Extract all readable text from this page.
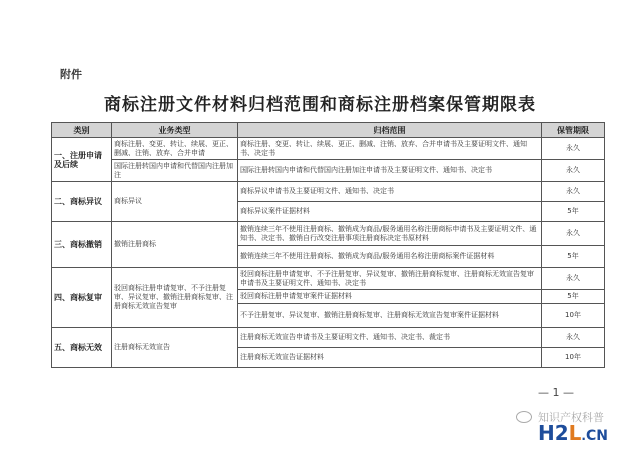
附件
商标注册文件材料归档范围和商标注册档案保管期限表
类别	业务类型	归档范围	保管期限
一、注册申请及后续	商标注册、变更、转让、续展、更正、删减、注销、放弃、合并申请	商标注册、变更、转让、续展、更正、删减、注销、放弃、合并申请书及主要证明文件、通知书、决定书	永久
	国际注册转国内申请和代替国内注册加注	国际注册转国内申请和代替国内注册加注申请书及主要证明文件、通知书、决定书	永久
二、商标异议	商标异议	商标异议申请书及主要证明文件、通知书、决定书	永久
		商标异议案件证据材料	5年
三、商标撤销	撤销注册商标	撤销连续三年不使用注册商标、撤销成为商品/服务通用名称注册商标申请书及主要证明文件、通知书、决定书、撤销自行改变注册事项注册商标决定书原材料	永久
		撤销连续三年不使用注册商标、撤销成为商品/服务通用名称注册商标案件证据材料	5年
四、商标复审	驳回商标注册申请复审、不予注册复审、异议复审、撤销注册商标复审、注册商标无效宣告复审	驳回商标注册申请复审、不予注册复审、异议复审、撤销注册商标复审、注册商标无效宣告复审申请书及主要证明文件、通知书、决定书	永久
		驳回商标注册申请复审案件证据材料	5年
		不予注册复审、异议复审、撤销注册商标复审、注册商标无效宣告复审案件证据材料	10年
五、商标无效	注册商标无效宣告	注册商标无效宣告申请书及主要证明文件、通知书、决定书、裁定书	永久
		注册商标无效宣告证据材料	10年
— 1 —
知识产权科普
H2L.CN
